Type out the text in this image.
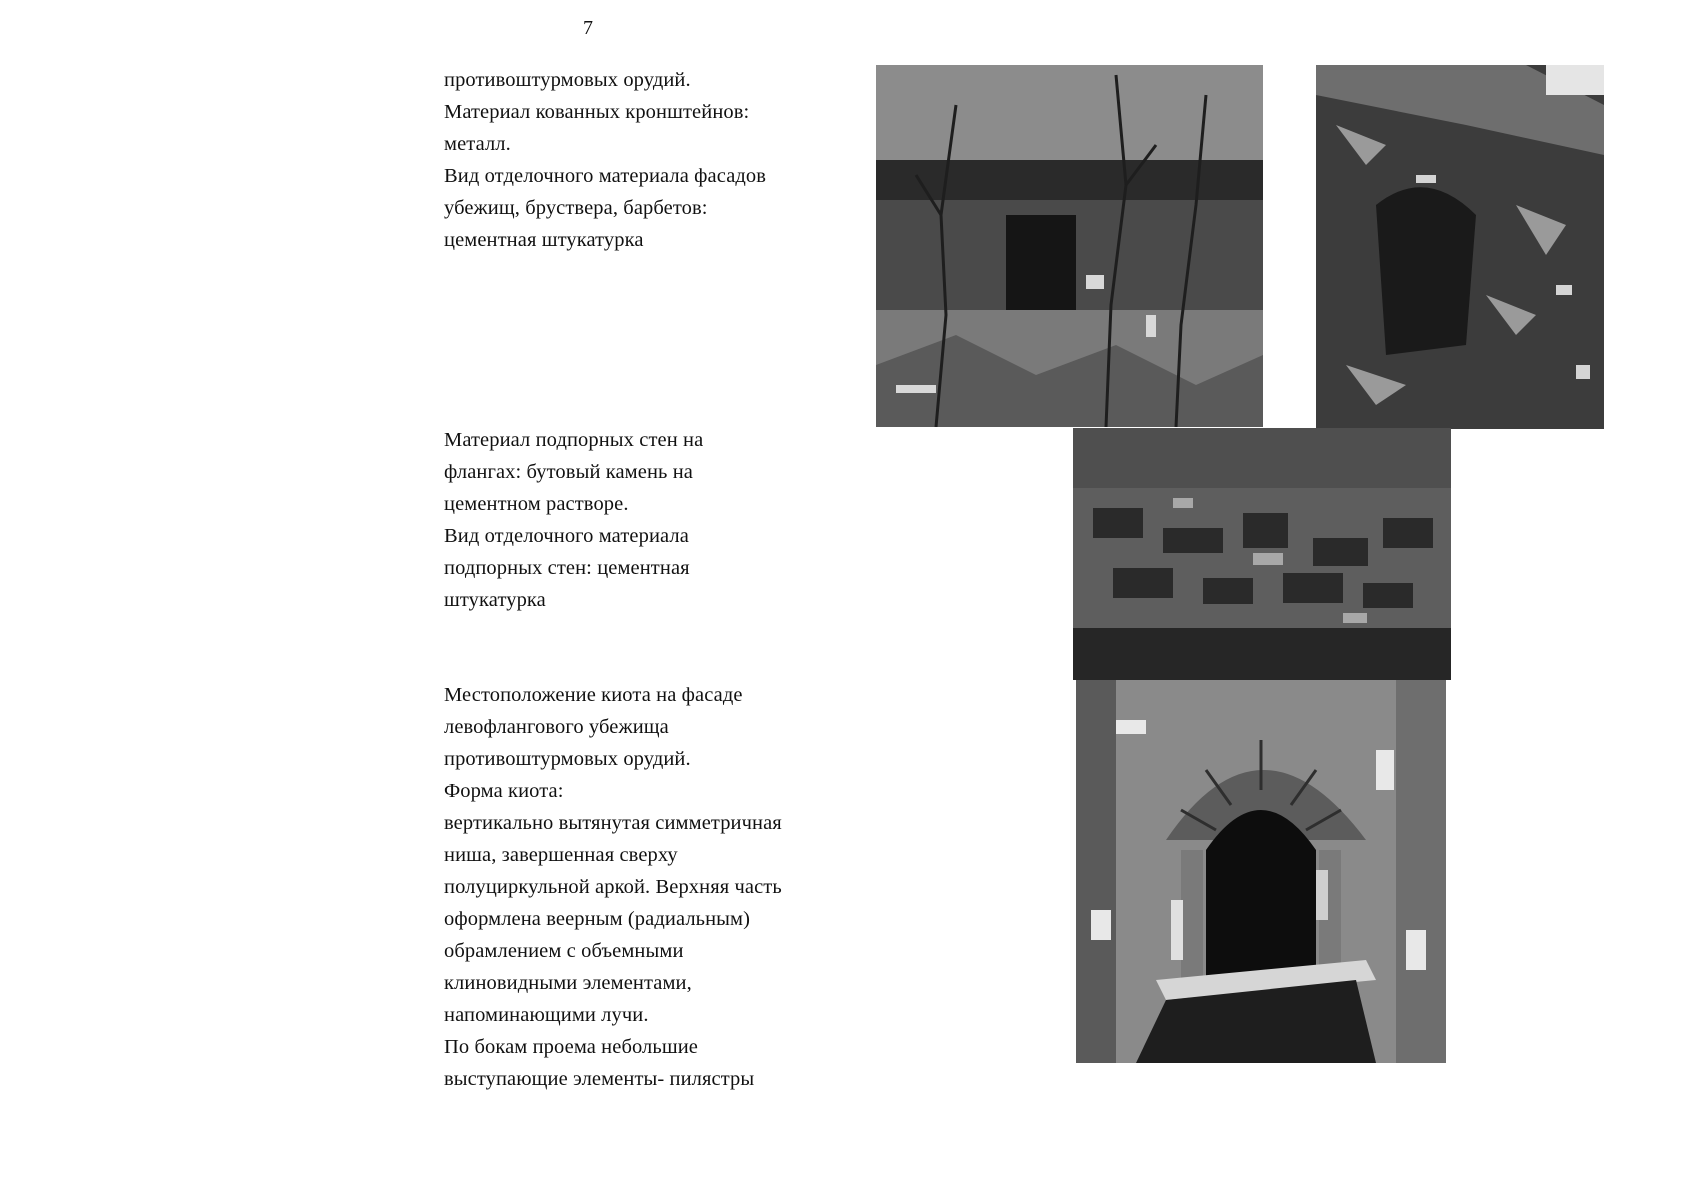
7
противоштурмовых орудий.
Материал кованных кронштейнов:
металл.
Вид отделочного материала фасадов
убежищ, бруствера, барбетов:
цементная штукатурка
Материал подпорных стен на
флангах: бутовый камень на
цементном растворе.
Вид отделочного материала
подпорных стен: цементная
штукатурка
Местоположение киота на фасаде
левофлангового убежища
противоштурмовых орудий.
Форма киота:
вертикально вытянутая симметричная
ниша, завершенная сверху
полуциркульной аркой. Верхняя часть
оформлена веерным (радиальным)
обрамлением с объемными
клиновидными элементами,
напоминающими лучи.
По бокам проема небольшие
выступающие элементы- пилястры
